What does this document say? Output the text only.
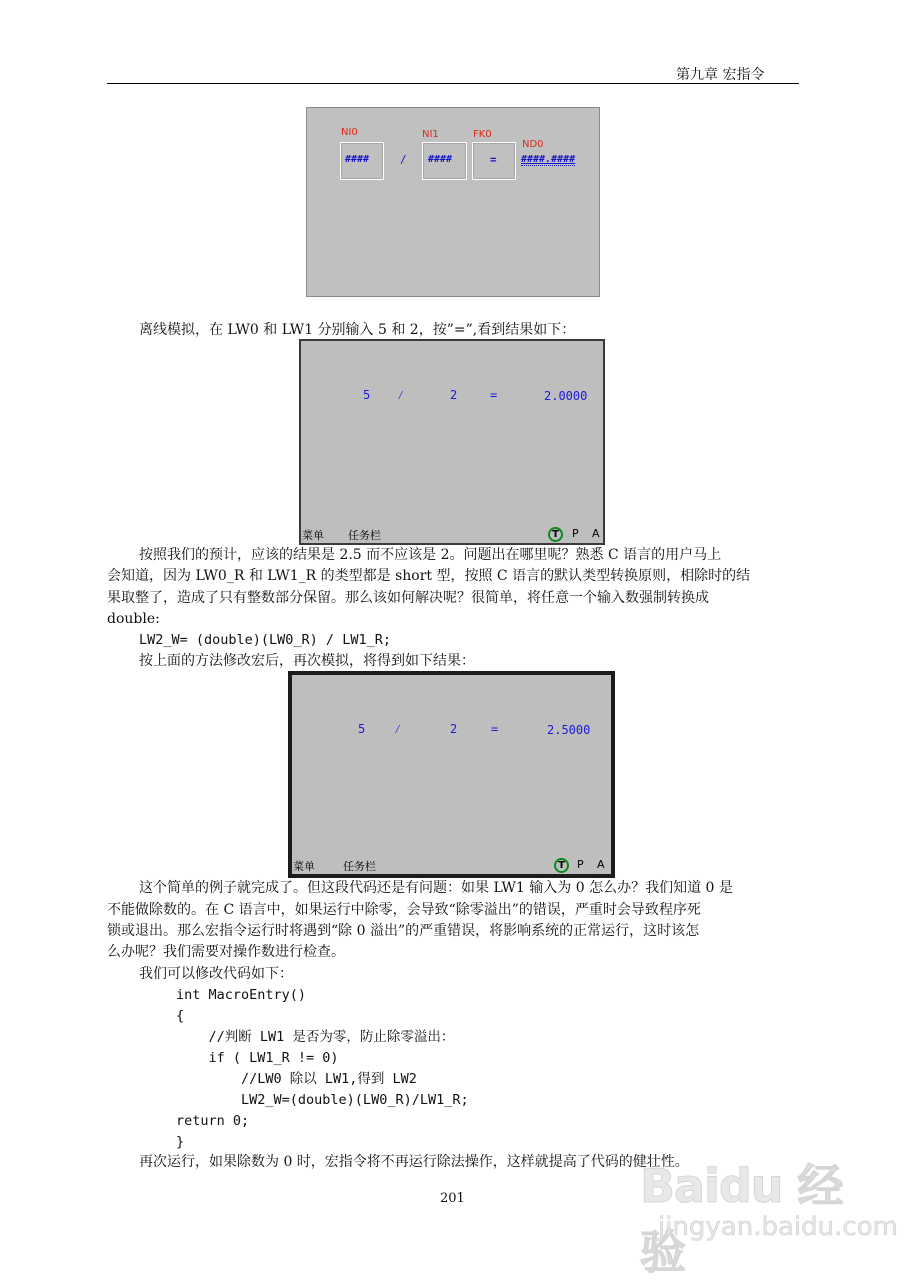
第九章 宏指令
NI0	NI1	FK0
ND0
####	/ ####	= ####.####
离线模拟，在 LW0 和 LW1 分别输入 5 和 2，按”=”,看到结果如下：
5 ⁄	2	=	2.0000
菜单 任务栏	T	P A
按照我们的预计，应该的结果是 2.5 而不应该是 2。问题出在哪里呢？熟悉 C 语言的用户马上
会知道，因为 LW0_R 和 LW1_R 的类型都是 short 型，按照 C 语言的默认类型转换原则，相除时的结
果取整了，造成了只有整数部分保留。那么该如何解决呢？很简单，将任意一个输入数强制转换成
double:
LW2_W= (double)(LW0_R) / LW1_R;
按上面的方法修改宏后，再次模拟，将得到如下结果：
5 ⁄	2	=	2.5000
菜单	任务栏	T	P A
这个简单的例子就完成了。但这段代码还是有问题：如果 LW1 输入为 0 怎么办？我们知道 0 是
不能做除数的。在 C 语言中，如果运行中除零，会导致“除零溢出”的错误，严重时会导致程序死
锁或退出。那么宏指令运行时将遇到“除 0 溢出”的严重错误，将影响系统的正常运行，这时该怎
么办呢？我们需要对操作数进行检查。
我们可以修改代码如下：
int MacroEntry()
{
//判断 LW1 是否为零，防止除零溢出：
if ( LW1_R != 0)
//LW0 除以 LW1,得到 LW2
LW2_W=(double)(LW0_R)/LW1_R;
return 0;
}
再次运行，如果除数为 0 时，宏指令将不再运行除法操作，这样就提高了代码的健壮性。
201	Baidu 经验
jingyan.baidu.com
